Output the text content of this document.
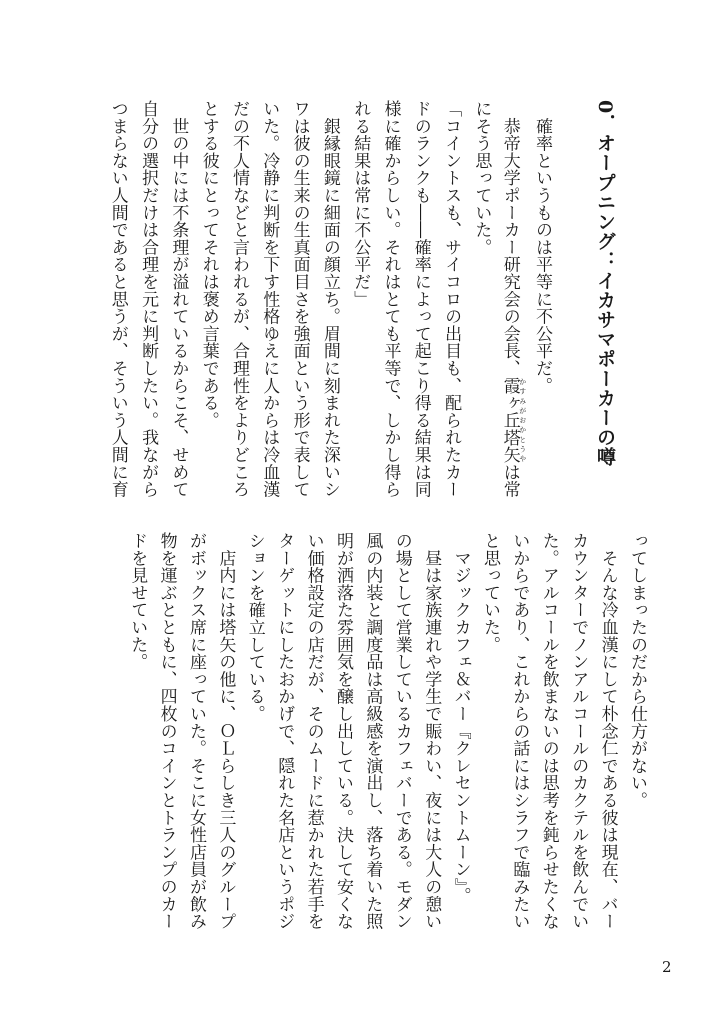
0．オープニング：イカサマポーカーの噂
　確率というものは平等に不公平だ。
　恭帝大学ポーカー研究会の会長、霞ヶ丘塔矢 かすみがおかとうやは常
にそう思っていた。
「コイントスも、サイコロの出目も、配られたカー
ドのランクも――確率によって起こり得る結果は同
様に確からしい。それはとても平等で、しかし得ら
れる結果は常に不公平だ」
　銀縁眼鏡に細面の顔立ち。眉間に刻まれた深いシ
ワは彼の生来の生真面目さを強面という形で表して
いた。冷静に判断を下す性格ゆえに人からは冷血漢
だの不人情などと言われるが、合理性をよりどころ
とする彼にとってそれは褒め言葉である。
　世の中には不条理が溢れているからこそ、せめて
自分の選択だけは合理を元に判断したい。我ながら
つまらない人間であると思うが、そういう人間に育
ってしまったのだから仕方がない。
　そんな冷血漢にして朴念仁である彼は現在、バー
カウンターでノンアルコールのカクテルを飲んでい
た。アルコールを飲まないのは思考を鈍らせたくな
いからであり、これからの話にはシラフで臨みたい
と思っていた。
　マジックカフェ＆バー『クレセントムーン』。
　昼は家族連れや学生で賑わい、夜には大人の憩い
の場として営業しているカフェバーである。モダン
風の内装と調度品は高級感を演出し、落ち着いた照
明が洒落た雰囲気を醸し出している。決して安くな
い価格設定の店だが、そのムードに惹かれた若手を
ターゲットにしたおかげで、隠れた名店というポジ
ションを確立している。
　店内には塔矢の他に、ＯＬらしき三人のグループ
がボックス席に座っていた。そこに女性店員が飲み
物を運ぶとともに、四枚のコインとトランプのカー
ドを見せていた。
2
